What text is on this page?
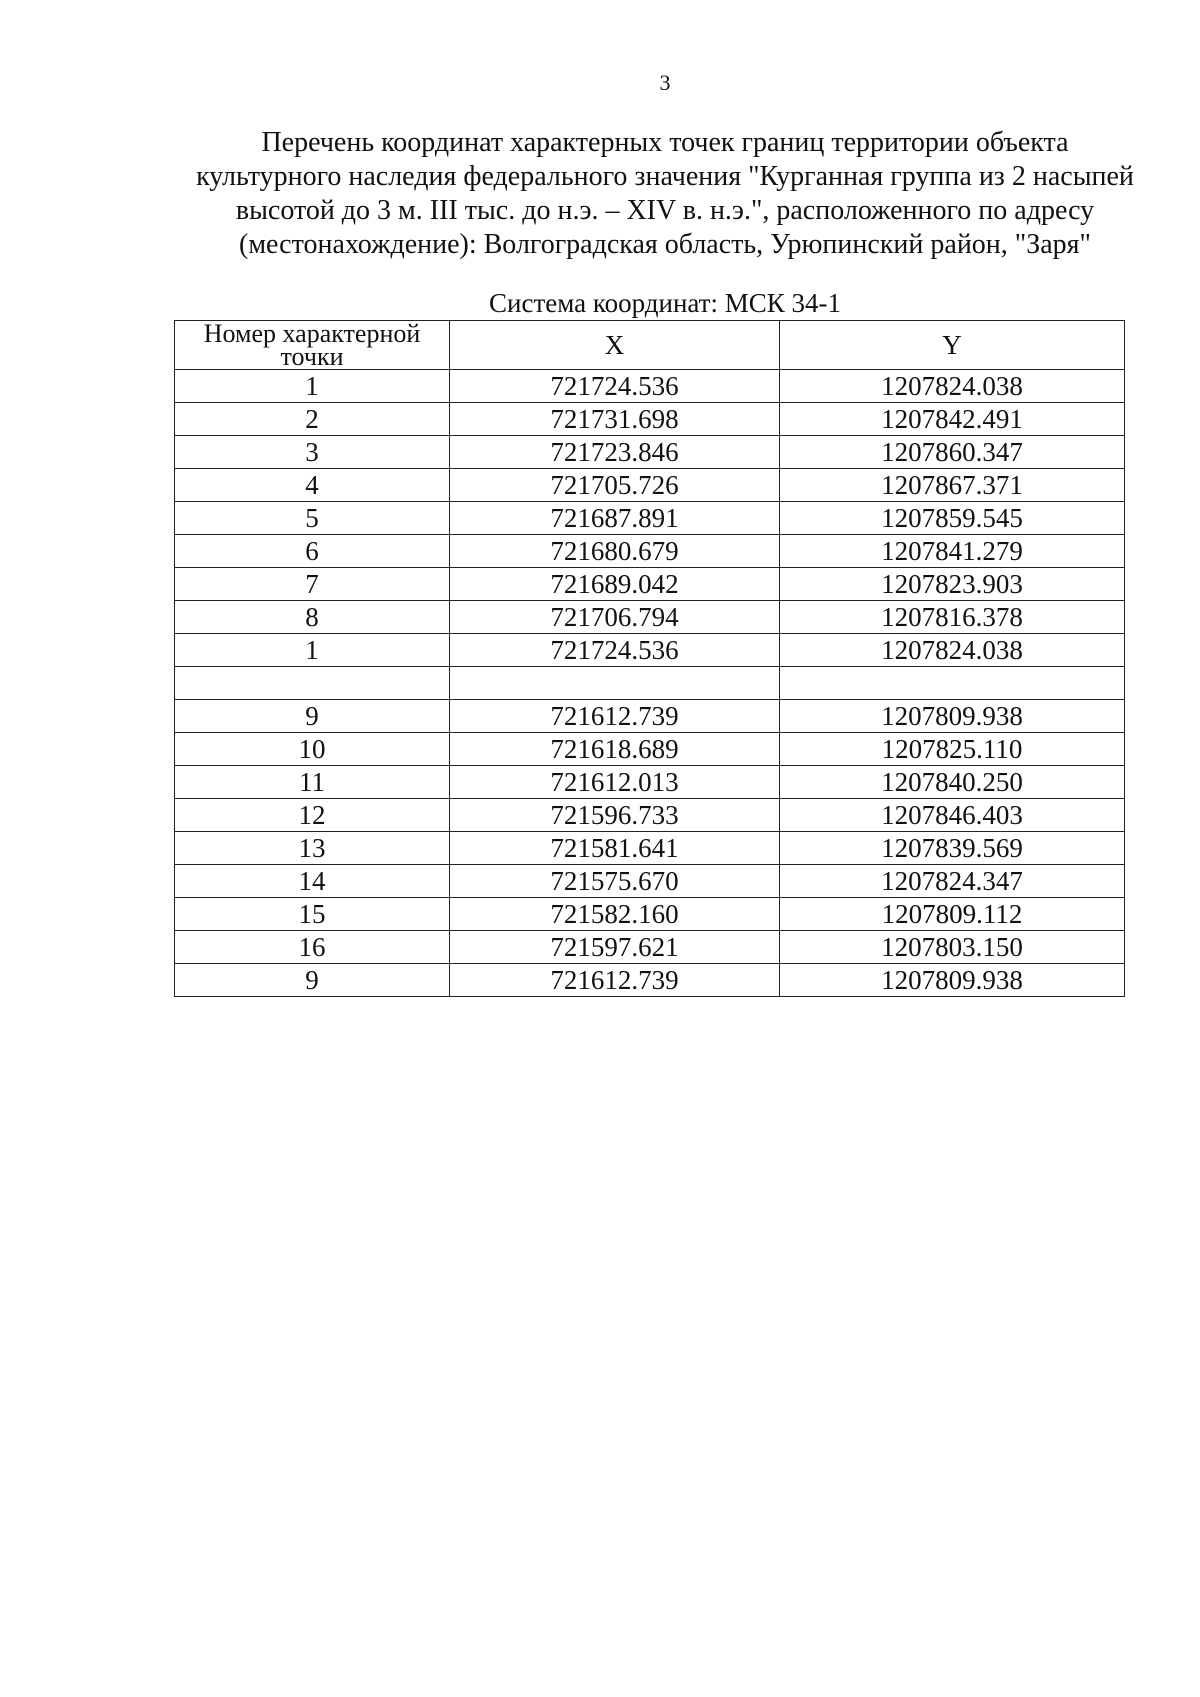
3
Перечень координат характерных точек границ территории объекта
культурного наследия федерального значения "Курганная группа из 2 насыпей
высотой до 3 м. III тыс. до н.э. – XIV в. н.э.", расположенного по адресу
(местонахождение): Волгоградская область, Урюпинский район, "Заря"
Система координат: МСК 34-1
Номер характерной
точки	X	Y
1	721724.536	1207824.038
2	721731.698	1207842.491
3	721723.846	1207860.347
4	721705.726	1207867.371
5	721687.891	1207859.545
6	721680.679	1207841.279
7	721689.042	1207823.903
8	721706.794	1207816.378
1	721724.536	1207824.038

9	721612.739	1207809.938
10	721618.689	1207825.110
11	721612.013	1207840.250
12	721596.733	1207846.403
13	721581.641	1207839.569
14	721575.670	1207824.347
15	721582.160	1207809.112
16	721597.621	1207803.150
9	721612.739	1207809.938
